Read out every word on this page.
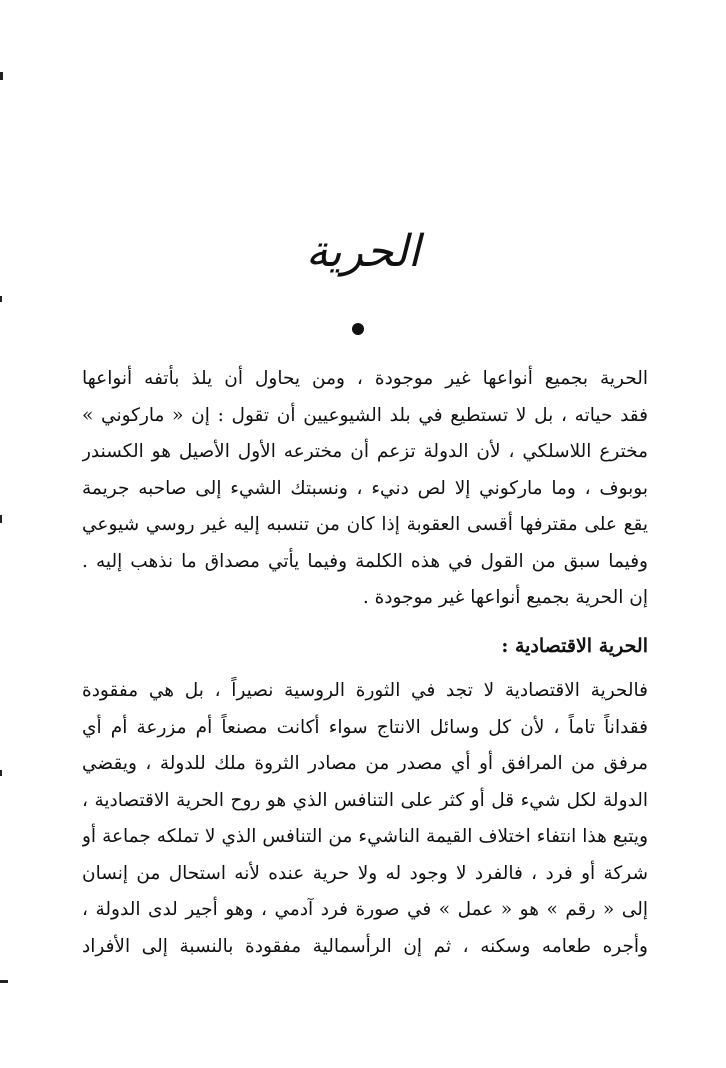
الحرية
الحرية بجميع أنواعها غير موجودة ، ومن يحاول أن يلذ بأتفه أنواعها
فقد حياته ، بل لا تستطيع في بلد الشيوعيين أن تقول : إن « ماركوني »
مخترع اللاسلكي ، لأن الدولة تزعم أن مخترعه الأول الأصيل هو الكسندر
بوبوف ، وما ماركوني إلا لص دنيء ، ونسبتك الشيء إلى صاحبه جريمة
يقع على مقترفها أقسى العقوبة إذا كان من تنسبه إليه غير روسي شيوعي
وفيما سبق من القول في هذه الكلمة وفيما يأتي مصداق ما نذهب إليه .
إن الحرية بجميع أنواعها غير موجودة .
الحرية الاقتصادية :
فالحرية الاقتصادية لا تجد في الثورة الروسية نصيراً ، بل هي مفقودة
فقداناً تاماً ، لأن كل وسائل الانتاج سواء أكانت مصنعاً أم مزرعة أم أي
مرفق من المرافق أو أي مصدر من مصادر الثروة ملك للدولة ، ويقضي
الدولة لكل شيء قل أو كثر على التنافس الذي هو روح الحرية الاقتصادية ،
ويتبع هذا انتفاء اختلاف القيمة الناشيء من التنافس الذي لا تملكه جماعة أو
شركة أو فرد ، فالفرد لا وجود له ولا حرية عنده لأنه استحال من إنسان
إلى « رقم » هو « عمل » في صورة فرد آدمي ، وهو أجير لدى الدولة ،
وأجره طعامه وسكنه ، ثم إن الرأسمالية مفقودة بالنسبة إلى الأفراد
